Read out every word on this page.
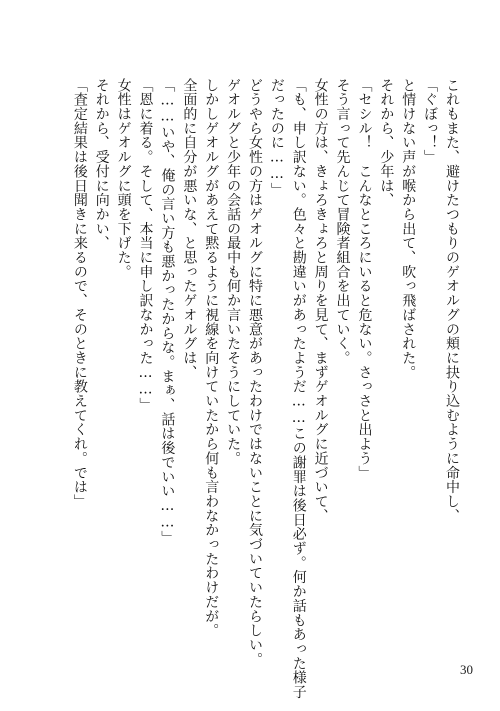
これもまた、避けたつもりのゲオルグの頬に抉り込むように命中し、
「ぐぼっ！」
と情けない声が喉から出て、吹っ飛ばされた。
それから、少年は、
「セシル！　こんなところにいると危ない。さっさと出よう」
そう言って先んじて冒険者組合を出ていく。
女性の方は、きょろきょろと周りを見て、まずゲオルグに近づいて、
「も、申し訳ない。色々と勘違いがあったようだ……この謝罪は後日必ず。何か話もあった様子
だったのに……」
どうやら女性の方はゲオルグに特に悪意があったわけではないことに気づいていたらしい。
ゲオルグと少年の会話の最中も何か言いたそうにしていた。
しかしゲオルグがあえて黙るように視線を向けていたから何も言わなかったわけだが。
全面的に自分が悪いな、と思ったゲオルグは、
「……いや、俺の言い方も悪かったからな。まぁ、話は後でいい……」
「恩に着る。そして、本当に申し訳なかった……」
女性はゲオルグに頭を下げた。
それから、受付に向かい、
「査定結果は後日聞きに来るので、そのときに教えてくれ。では」
30
